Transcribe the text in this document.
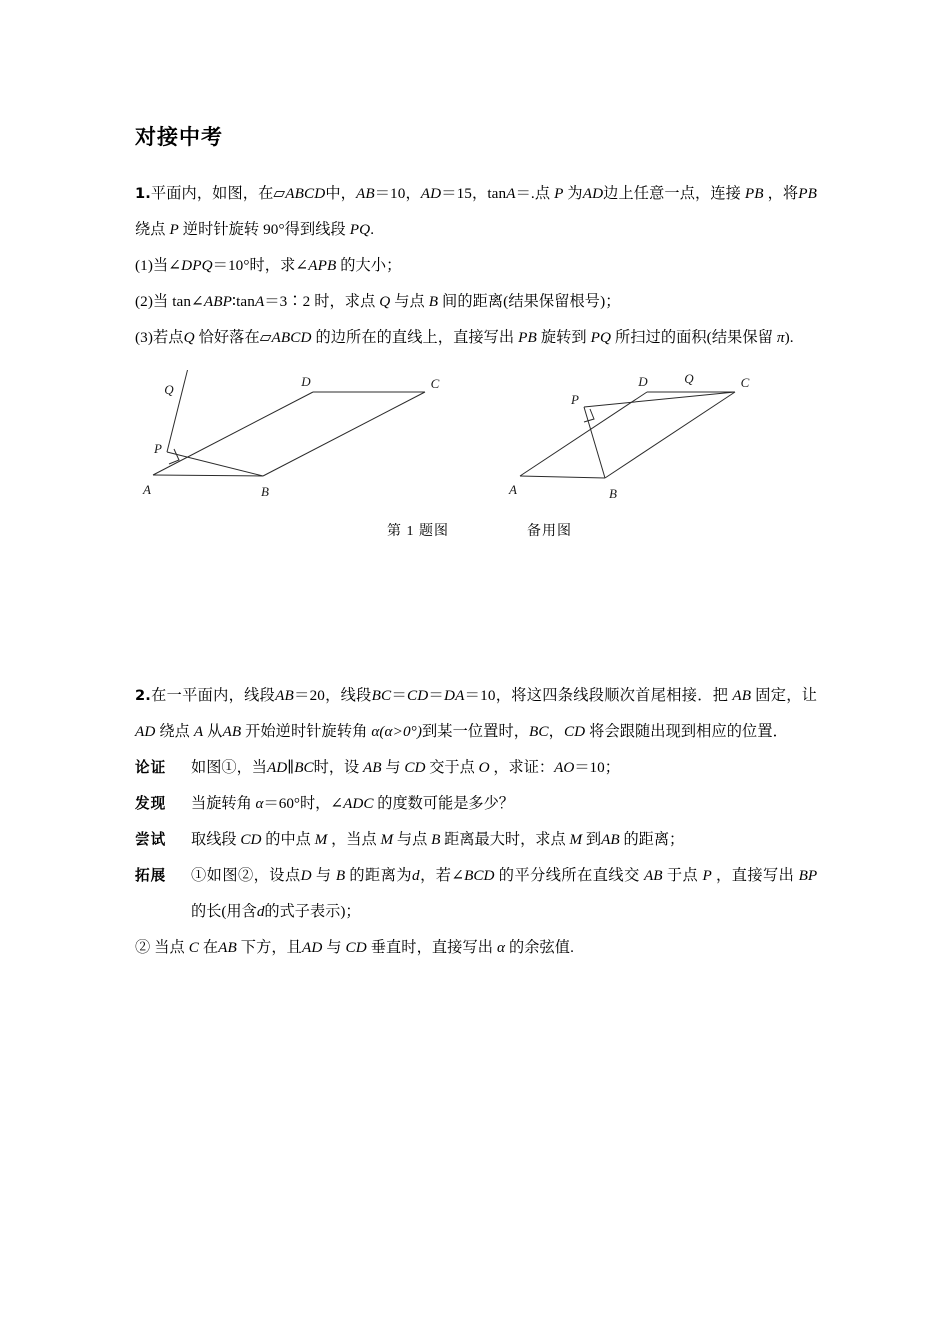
对接中考

1.平面内，如图，在▱ABCD中，AB＝10，AD＝15，tanA＝.点 P 为AD边上任意一点，连接 PB ，将PB 绕点 P 逆时针旋转 90°得到线段 PQ.

(1)当∠DPQ＝10°时，求∠APB 的大小；

(2)当 tan∠ABP∶tanA＝3∶2 时，求点 Q 与点 B 间的距离(结果保留根号)；

(3)若点Q 恰好落在▱ABCD 的边所在的直线上，直接写出 PB 旋转到 PQ 所扫过的面积(结果保留 π).

Q
D	C
P
A	B
D	Q	C
P
A	B
第 1 题图	备用图

2.在一平面内，线段AB＝20，线段BC＝CD＝DA＝10，将这四条线段顺次首尾相接．把 AB 固定，让AD 绕点 A 从AB 开始逆时针旋转角 α(α>0°)到某一位置时，BC，CD 将会跟随出现到相应的位置．

论证	如图①，当AD∥BC时，设 AB 与 CD 交于点 O ，求证：AO＝10；
发现	当旋转角 α＝60°时，∠ADC 的度数可能是多少？
尝试	取线段 CD 的中点 M ，当点 M 与点 B 距离最大时，求点 M 到AB 的距离；
拓展	①如图②，设点D 与 B 的距离为d，若∠BCD 的平分线所在直线交 AB 于点 P ，直接写出 BP 的长(用含d的式子表示)；

② 当点 C 在AB 下方，且AD 与 CD 垂直时，直接写出 α 的余弦值.
